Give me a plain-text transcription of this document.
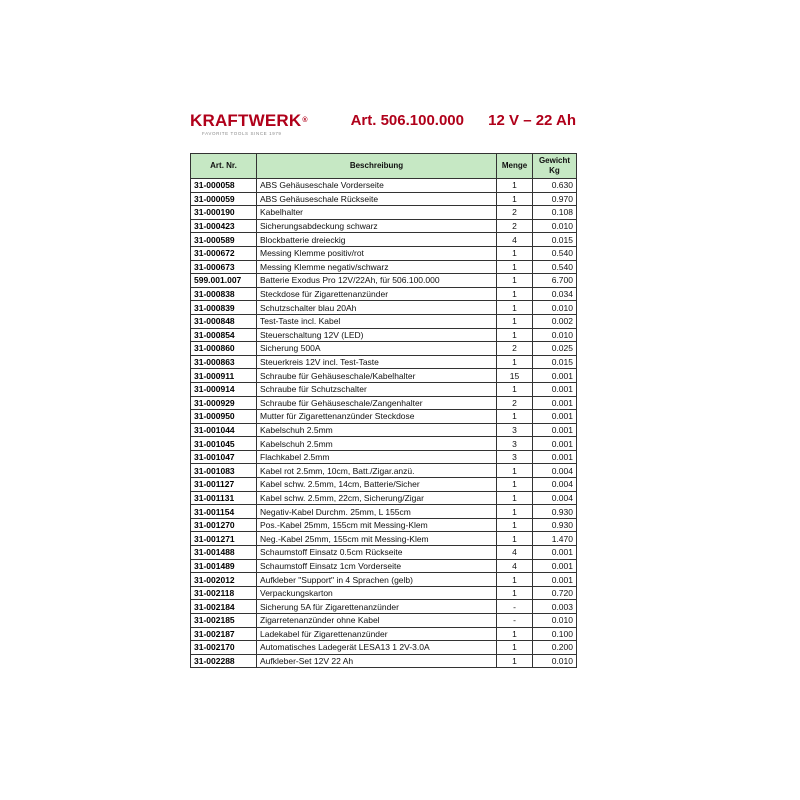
KRAFTWERK®
FAVORITE TOOLS SINCE 1979
Art. 506.100.000 12 V – 22 Ah
Art. Nr.	Beschreibung	Menge	Gewicht Kg
31-000058	ABS Gehäuseschale Vorderseite	1	0.630
31-000059	ABS Gehäuseschale Rückseite	1	0.970
31-000190	Kabelhalter	2	0.108
31-000423	Sicherungsabdeckung schwarz	2	0.010
31-000589	Blockbatterie dreieckig	4	0.015
31-000672	Messing Klemme positiv/rot	1	0.540
31-000673	Messing Klemme negativ/schwarz	1	0.540
599.001.007	Batterie Exodus Pro 12V/22Ah, für 506.100.000	1	6.700
31-000838	Steckdose für Zigarettenanzünder	1	0.034
31-000839	Schutzschalter blau 20Ah	1	0.010
31-000848	Test-Taste incl. Kabel	1	0.002
31-000854	Steuerschaltung 12V (LED)	1	0.010
31-000860	Sicherung 500A	2	0.025
31-000863	Steuerkreis 12V incl. Test-Taste	1	0.015
31-000911	Schraube für Gehäuseschale/Kabelhalter	15	0.001
31-000914	Schraube für Schutzschalter	1	0.001
31-000929	Schraube für Gehäuseschale/Zangenhalter	2	0.001
31-000950	Mutter für Zigarettenanzünder Steckdose	1	0.001
31-001044	Kabelschuh 2.5mm	3	0.001
31-001045	Kabelschuh 2.5mm	3	0.001
31-001047	Flachkabel 2.5mm	3	0.001
31-001083	Kabel rot 2.5mm, 10cm, Batt./Zigar.anzü.	1	0.004
31-001127	Kabel schw. 2.5mm, 14cm, Batterie/Sicher	1	0.004
31-001131	Kabel schw. 2.5mm, 22cm, Sicherung/Zigar	1	0.004
31-001154	Negativ-Kabel Durchm. 25mm, L 155cm	1	0.930
31-001270	Pos.-Kabel 25mm, 155cm mit Messing-Klem	1	0.930
31-001271	Neg.-Kabel 25mm, 155cm mit Messing-Klem	1	1.470
31-001488	Schaumstoff Einsatz 0.5cm Rückseite	4	0.001
31-001489	Schaumstoff Einsatz 1cm Vorderseite	4	0.001
31-002012	Aufkleber "Support" in 4 Sprachen (gelb)	1	0.001
31-002118	Verpackungskarton	1	0.720
31-002184	Sicherung 5A für Zigarettenanzünder	-	0.003
31-002185	Zigarretenanzünder ohne Kabel	-	0.010
31-002187	Ladekabel für Zigarettenanzünder	1	0.100
31-002170	Automatisches Ladegerät LESA13 1 2V-3.0A	1	0.200
31-002288	Aufkleber-Set 12V 22 Ah	1	0.010
